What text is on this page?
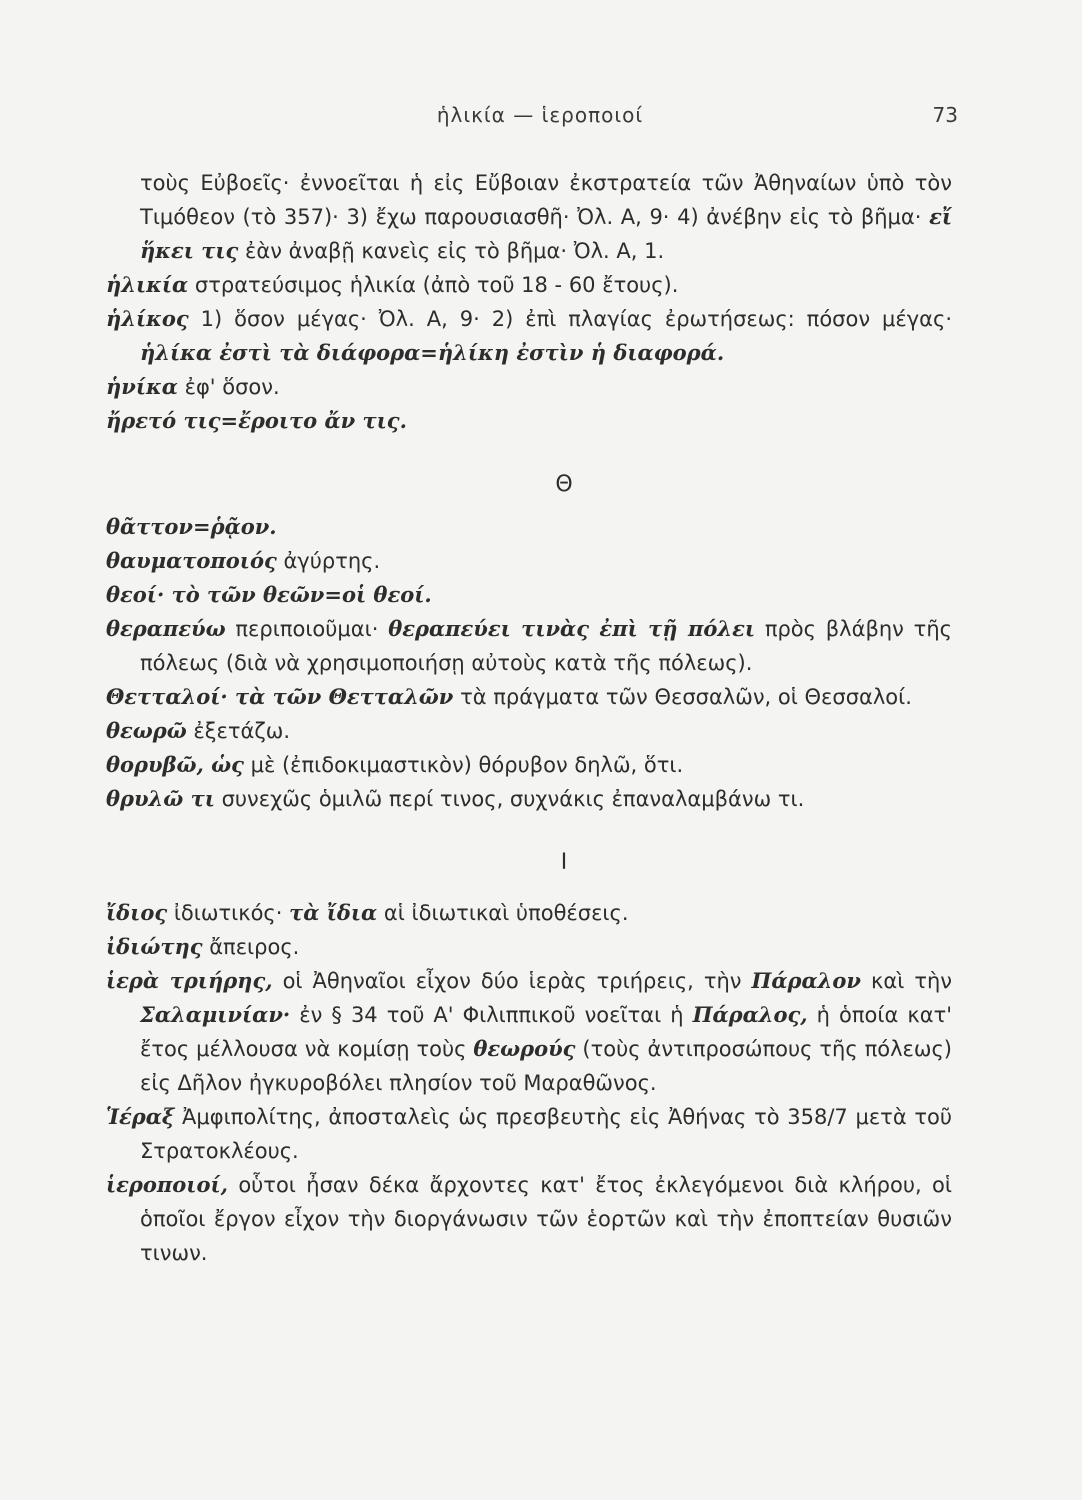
ἡλικία — ἱεροποιοί	73

τοὺς Εὐβοεῖς· ἐννοεῖται ἡ εἰς Εὔβοιαν ἐκστρατεία τῶν Ἀθηναίων ὑπὸ τὸν Τιμόθεον (τὸ 357)· 3) ἔχω παρουσιασθῆ· Ὀλ. Α, 9· 4) ἀνέβην εἰς τὸ βῆμα· εἴ ἥκει τις ἐὰν ἀναβῇ κανεὶς εἰς τὸ βῆμα· Ὀλ. Α, 1.

ἡλικία στρατεύσιμος ἡλικία (ἀπὸ τοῦ 18 - 60 ἔτους).

ἡλίκος 1) ὅσον μέγας· Ὀλ. Α, 9· 2) ἐπὶ πλαγίας ἐρωτήσεως: πόσον μέγας· ἡλίκα ἐστὶ τὰ διάφορα=ἡλίκη ἐστὶν ἡ διαφορά.

ἡνίκα ἐφ' ὅσον.

ἤρετό τις=ἔροιτο ἄν τις.

Θ

θᾶττον=ῥᾷον.

θαυματοποιός ἀγύρτης.

θεοί· τὸ τῶν θεῶν=οἱ θεοί.

θεραπεύω περιποιοῦμαι· θεραπεύει τινὰς ἐπὶ τῇ πόλει πρὸς βλάβην τῆς πόλεως (διὰ νὰ χρησιμοποιήσῃ αὐτοὺς κατὰ τῆς πόλεως).

Θετταλοί· τὰ τῶν Θετταλῶν τὰ πράγματα τῶν Θεσσαλῶν, οἱ Θεσσαλοί.

θεωρῶ ἐξετάζω.

θορυβῶ, ὡς μὲ (ἐπιδοκιμαστικὸν) θόρυβον δηλῶ, ὅτι.

θρυλῶ τι συνεχῶς ὁμιλῶ περί τινος, συχνάκις ἐπαναλαμβάνω τι.

Ι

ἴδιος ἰδιωτικός· τὰ ἴδια αἱ ἰδιωτικαὶ ὑποθέσεις.

ἰδιώτης ἄπειρος.

ἱερὰ τριήρης, οἱ Ἀθηναῖοι εἶχον δύο ἱερὰς τριήρεις, τὴν Πάραλον καὶ τὴν Σαλαμινίαν· ἐν § 34 τοῦ Α' Φιλιππικοῦ νοεῖται ἡ Πάραλος, ἡ ὁποία κατ' ἔτος μέλλουσα νὰ κομίσῃ τοὺς θεωρούς (τοὺς ἀντιπροσώπους τῆς πόλεως) εἰς Δῆλον ἠγκυροβόλει πλησίον τοῦ Μαραθῶνος.

Ἱέραξ Ἀμφιπολίτης, ἀποσταλεὶς ὡς πρεσβευτὴς εἰς Ἀθήνας τὸ 358/7 μετὰ τοῦ Στρατοκλέους.

ἱεροποιοί, οὗτοι ἦσαν δέκα ἄρχοντες κατ' ἔτος ἐκλεγόμενοι διὰ κλήρου, οἱ ὁποῖοι ἔργον εἶχον τὴν διοργάνωσιν τῶν ἑορτῶν καὶ τὴν ἐποπτείαν θυσιῶν τινων.
